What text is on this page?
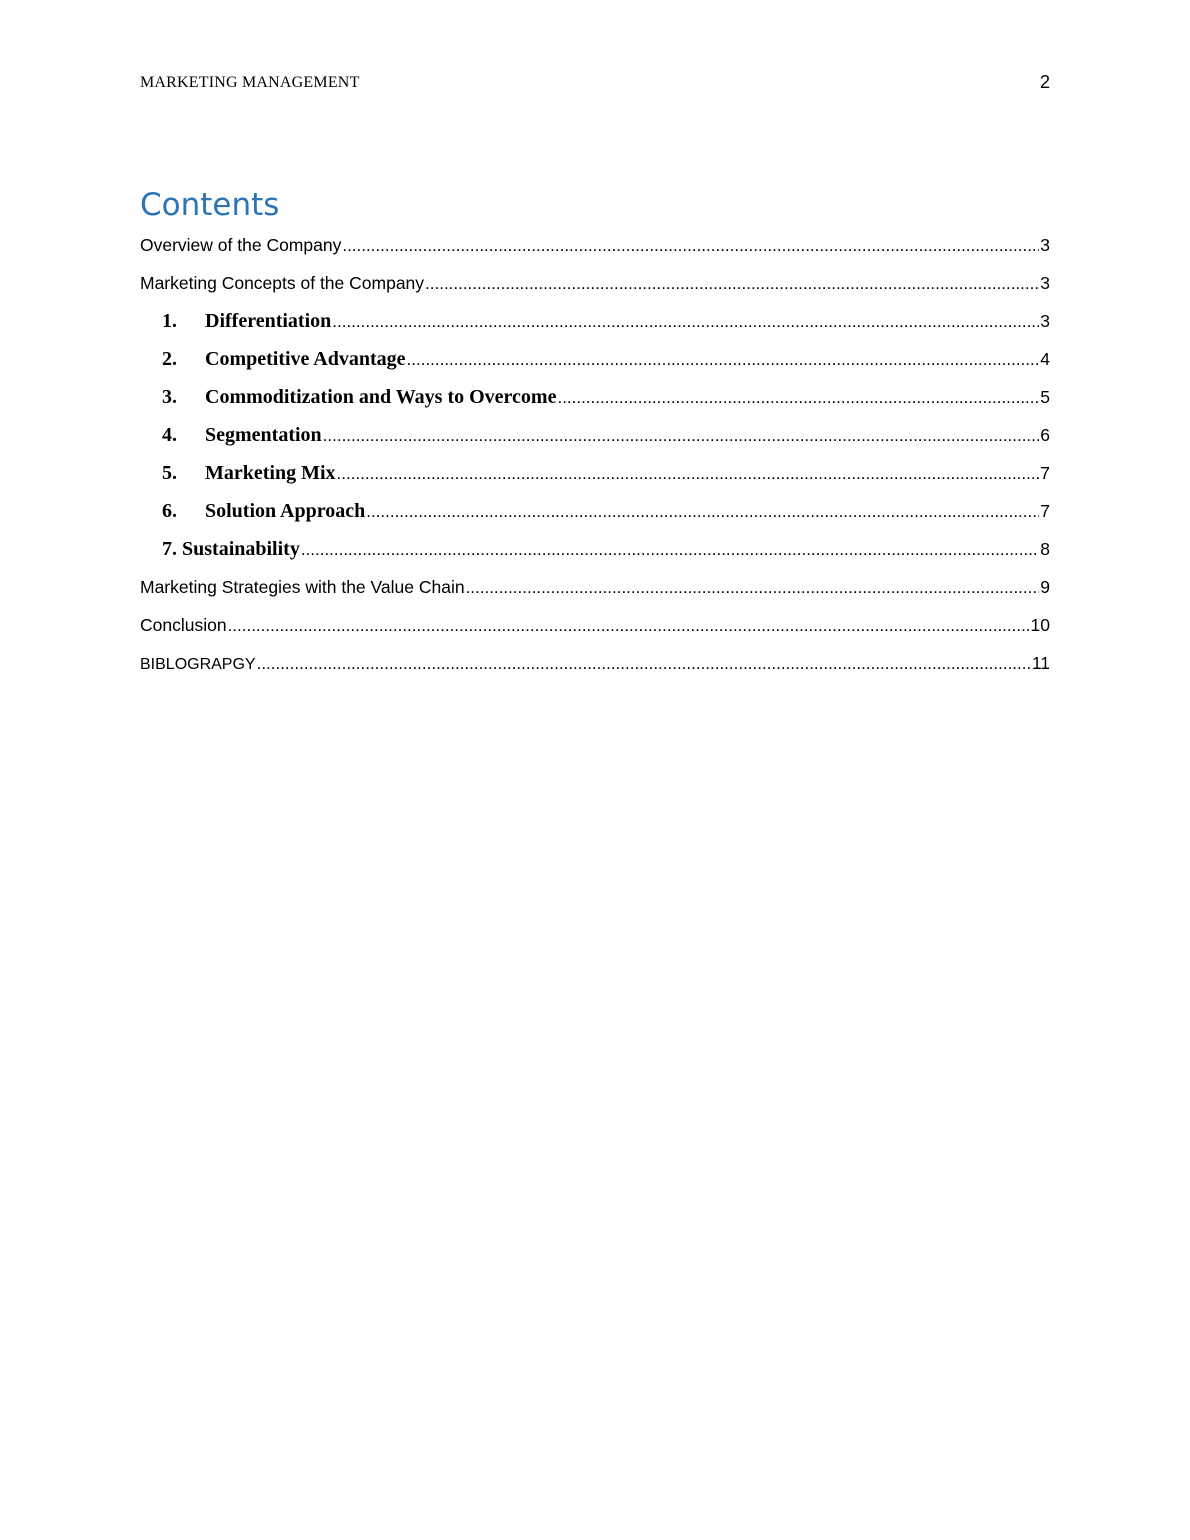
MARKETING MANAGEMENT	2
Contents
Overview of the Company .....	3
Marketing Concepts of the Company .....	3
1.	Differentiation .....	3
2.	Competitive Advantage .....	4
3.	Commoditization and Ways to Overcome .....	5
4.	Segmentation .....	6
5.	Marketing Mix .....	7
6.	Solution Approach .....	7
7. Sustainability .....	8
Marketing Strategies with the Value Chain .....	9
Conclusion .....	10
BIBLOGRAPGY .....	11
